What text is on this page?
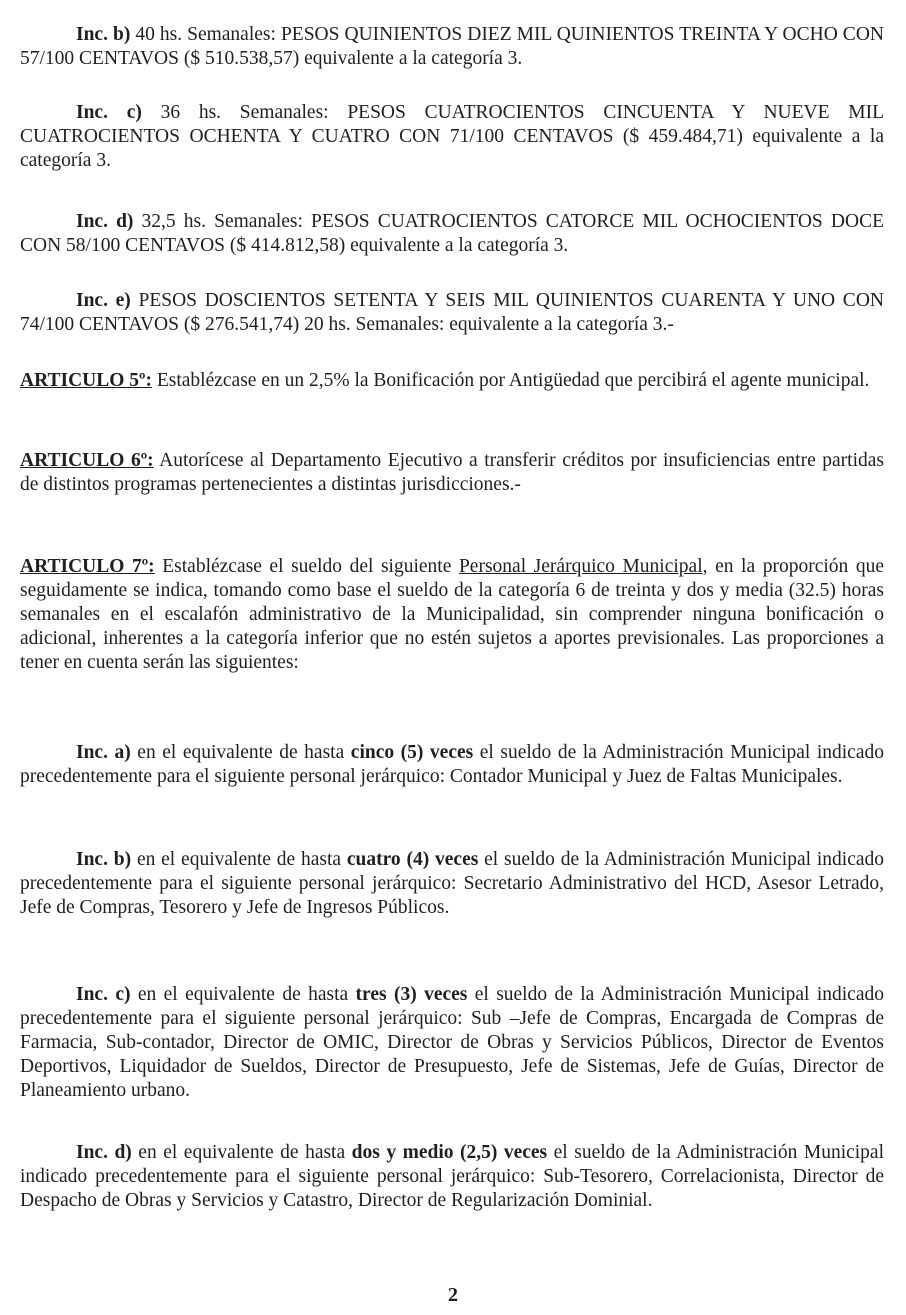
Inc. b) 40 hs. Semanales: PESOS QUINIENTOS DIEZ MIL QUINIENTOS TREINTA Y OCHO CON 57/100 CENTAVOS ($ 510.538,57) equivalente a la categoría 3.

Inc. c) 36 hs. Semanales: PESOS CUATROCIENTOS CINCUENTA Y NUEVE MIL CUATROCIENTOS OCHENTA Y CUATRO CON 71/100 CENTAVOS ($ 459.484,71) equivalente a la categoría 3.

Inc. d) 32,5 hs. Semanales: PESOS CUATROCIENTOS CATORCE MIL OCHOCIENTOS DOCE CON 58/100 CENTAVOS ($ 414.812,58) equivalente a la categoría 3.

Inc. e) PESOS DOSCIENTOS SETENTA Y SEIS MIL QUINIENTOS CUARENTA Y UNO CON 74/100 CENTAVOS ($ 276.541,74) 20 hs. Semanales: equivalente a la categoría 3.-

ARTICULO 5º: Establézcase en un 2,5% la Bonificación por Antigüedad que percibirá el agente municipal.

ARTICULO 6º: Autorícese al Departamento Ejecutivo a transferir créditos por insuficiencias entre partidas de distintos programas pertenecientes a distintas jurisdicciones.-

ARTICULO 7º: Establézcase el sueldo del siguiente Personal Jerárquico Municipal, en la proporción que seguidamente se indica, tomando como base el sueldo de la categoría 6 de treinta y dos y media (32.5) horas semanales en el escalafón administrativo de la Municipalidad, sin comprender ninguna bonificación o adicional, inherentes a la categoría inferior que no estén sujetos a aportes previsionales. Las proporciones a tener en cuenta serán las siguientes:

Inc. a) en el equivalente de hasta cinco (5) veces el sueldo de la Administración Municipal indicado precedentemente para el siguiente personal jerárquico: Contador Municipal y Juez de Faltas Municipales.

Inc. b) en el equivalente de hasta cuatro (4) veces el sueldo de la Administración Municipal indicado precedentemente para el siguiente personal jerárquico: Secretario Administrativo del HCD, Asesor Letrado, Jefe de Compras, Tesorero y Jefe de Ingresos Públicos.

Inc. c) en el equivalente de hasta tres (3) veces el sueldo de la Administración Municipal indicado precedentemente para el siguiente personal jerárquico: Sub –Jefe de Compras, Encargada de Compras de Farmacia, Sub-contador, Director de OMIC, Director de Obras y Servicios Públicos, Director de Eventos Deportivos, Liquidador de Sueldos, Director de Presupuesto, Jefe de Sistemas, Jefe de Guías, Director de Planeamiento urbano.

Inc. d) en el equivalente de hasta dos y medio (2,5) veces el sueldo de la Administración Municipal indicado precedentemente para el siguiente personal jerárquico: Sub-Tesorero, Correlacionista, Director de Despacho de Obras y Servicios y Catastro, Director de Regularización Dominial.

2
